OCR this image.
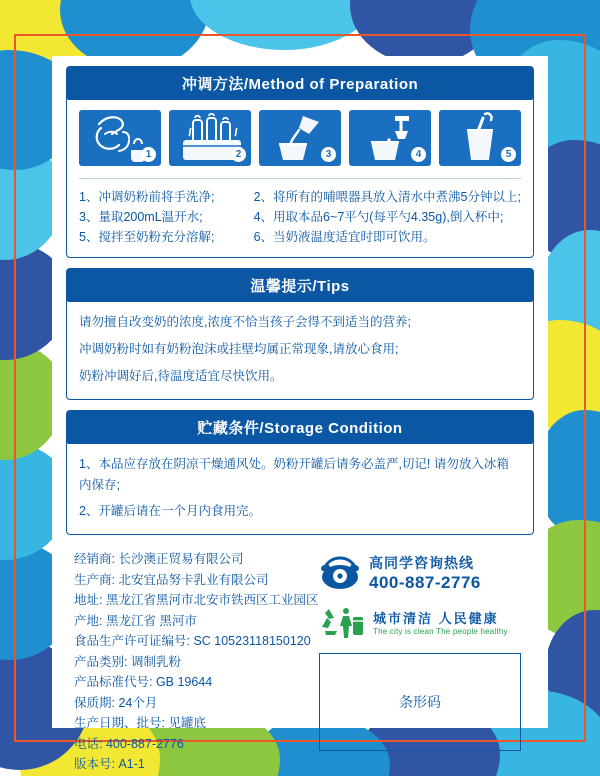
冲调方法/Method of Preparation
1	2	3	4	5
1、冲调奶粉前将手洗净;
3、量取200mL温开水;
5、搅拌至奶粉充分溶解;
2、将所有的哺喂器具放入清水中煮沸5分钟以上;
4、用取本品6~7平勺(每平勺4.35g),倒入杯中;
6、当奶液温度适宜时即可饮用。
温馨提示/Tips

请勿擅自改变奶的浓度,浓度不恰当孩子会得不到适当的营养;

冲调奶粉时如有奶粉泡沫或挂壁均属正常现象,请放心食用;

奶粉冲调好后,待温度适宜尽快饮用。

贮藏条件/Storage Condition

1、本品应存放在阴凉干燥通风处。奶粉开罐后请务必盖严,切记! 请勿放入冰箱内保存;

2、开罐后请在一个月内食用完。

经销商: 长沙澳正贸易有限公司
生产商: 北安宜品努卡乳业有限公司
地址: 黑龙江省黑河市北安市铁西区工业园区
产地: 黑龙江省 黑河市
食品生产许可证编号: SC 10523118150120
产品类别: 调制乳粉
产品标准代号: GB 19644
保质期: 24个月
生产日期、批号: 见罐底
电话: 400-887-2776
版本号: A1-1
高同学咨询热线
400-887-2776
城市清洁 人民健康
The city is clean The people healthy
条形码
